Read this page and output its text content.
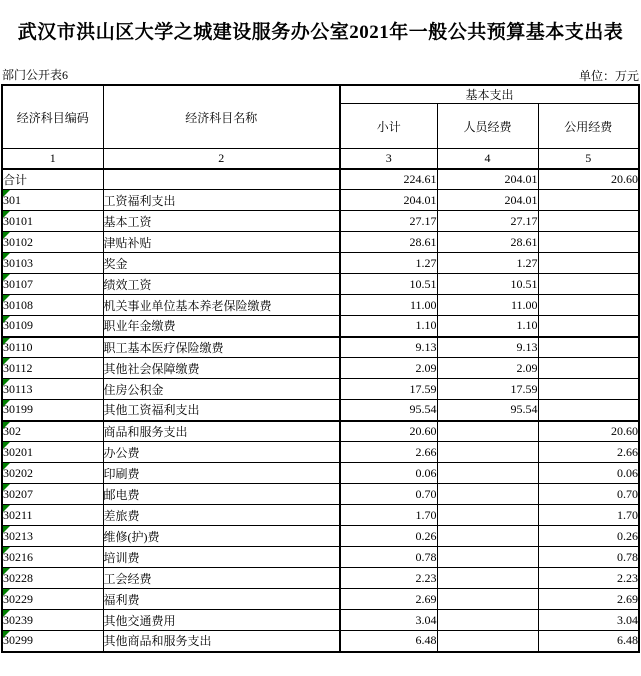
武汉市洪山区大学之城建设服务办公室2021年一般公共预算基本支出表
部门公开表6	单位：万元
经济科目编码	经济科目名称	基本支出		
		小计	人员经费	公用经费
1	2	3	4	5
合计		224.61	204.01	20.60

301	工资福利支出	204.01	204.01	

30101	基本工资	27.17	27.17	

30102	津贴补贴	28.61	28.61	

30103	奖金	1.27	1.27	

30107	绩效工资	10.51	10.51	

30108	机关事业单位基本养老保险缴费	11.00	11.00	

30109	职业年金缴费	1.10	1.10	

30110	职工基本医疗保险缴费	9.13	9.13	

30112	其他社会保障缴费	2.09	2.09	

30113	住房公积金	17.59	17.59	

30199	其他工资福利支出	95.54	95.54	

302	商品和服务支出	20.60		20.60

30201	办公费	2.66		2.66

30202	印刷费	0.06		0.06

30207	邮电费	0.70		0.70

30211	差旅费	1.70		1.70

30213	维修(护)费	0.26		0.26

30216	培训费	0.78		0.78

30228	工会经费	2.23		2.23

30229	福利费	2.69		2.69

30239	其他交通费用	3.04		3.04

30299	其他商品和服务支出	6.48		6.48
